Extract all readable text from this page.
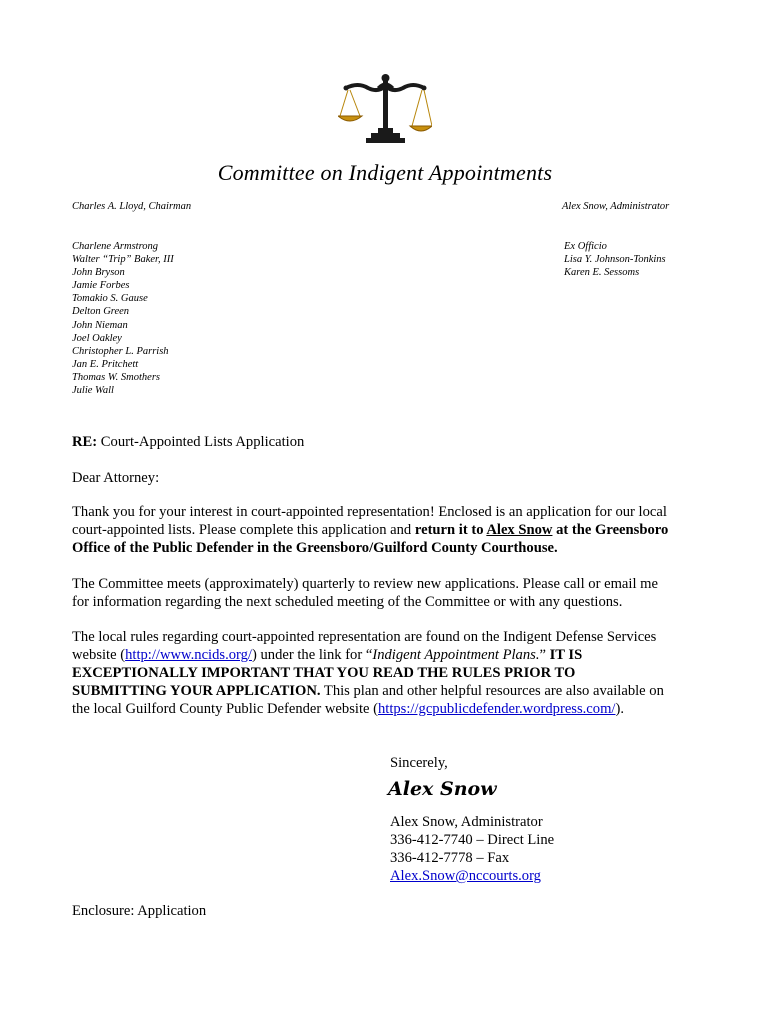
Committee on Indigent Appointments
Charles A. Lloyd, Chairman	Alex Snow, Administrator
Charlene Armstrong
Walter “Trip” Baker, III
John Bryson
Jamie Forbes
Tomakio S. Gause
Delton Green
John Nieman
Joel Oakley
Christopher L. Parrish
Jan E. Pritchett
Thomas W. Smothers
Julie Wall
Ex Officio
Lisa Y. Johnson-Tonkins
Karen E. Sessoms
RE: Court-Appointed Lists Application
Dear Attorney:
Thank you for your interest in court-appointed representation! Enclosed is an application for our local
court-appointed lists. Please complete this application and return it to Alex Snow at the Greensboro
Office of the Public Defender in the Greensboro/Guilford County Courthouse.
The Committee meets (approximately) quarterly to review new applications. Please call or email me
for information regarding the next scheduled meeting of the Committee or with any questions.
The local rules regarding court-appointed representation are found on the Indigent Defense Services
website (http://www.ncids.org/) under the link for “Indigent Appointment Plans.” IT IS
EXCEPTIONALLY IMPORTANT THAT YOU READ THE RULES PRIOR TO
SUBMITTING YOUR APPLICATION. This plan and other helpful resources are also available on
the local Guilford County Public Defender website (https://gcpublicdefender.wordpress.com/).
Sincerely,
Alex Snow
Alex Snow, Administrator
336-412-7740 – Direct Line
336-412-7778 – Fax
Alex.Snow@nccourts.org
Enclosure: Application
